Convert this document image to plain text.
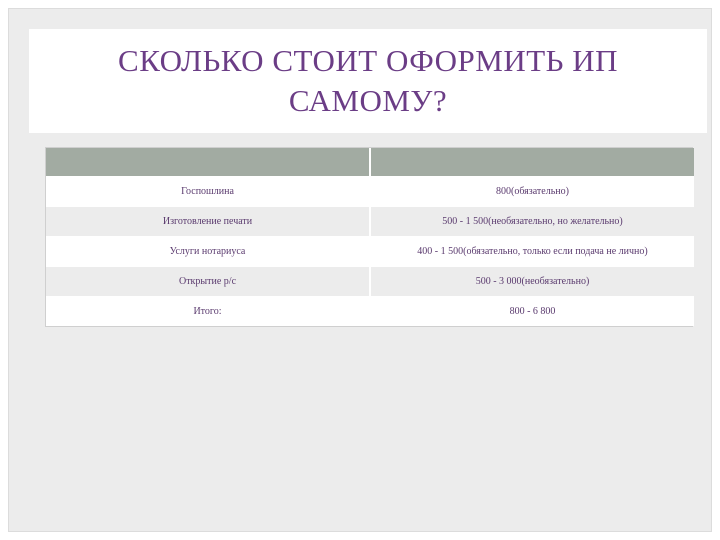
СКОЛЬКО СТОИТ ОФОРМИТЬ ИП
САМОМУ?

Госпошлина	800(обязательно)
Изготовление печати	500 - 1 500(необязательно, но желательно)
Услуги нотариуса	400 - 1 500(обязательно, только если подача не лично)
Открытие р/с	500 - 3 000(необязательно)
Итого:	800 - 6 800
